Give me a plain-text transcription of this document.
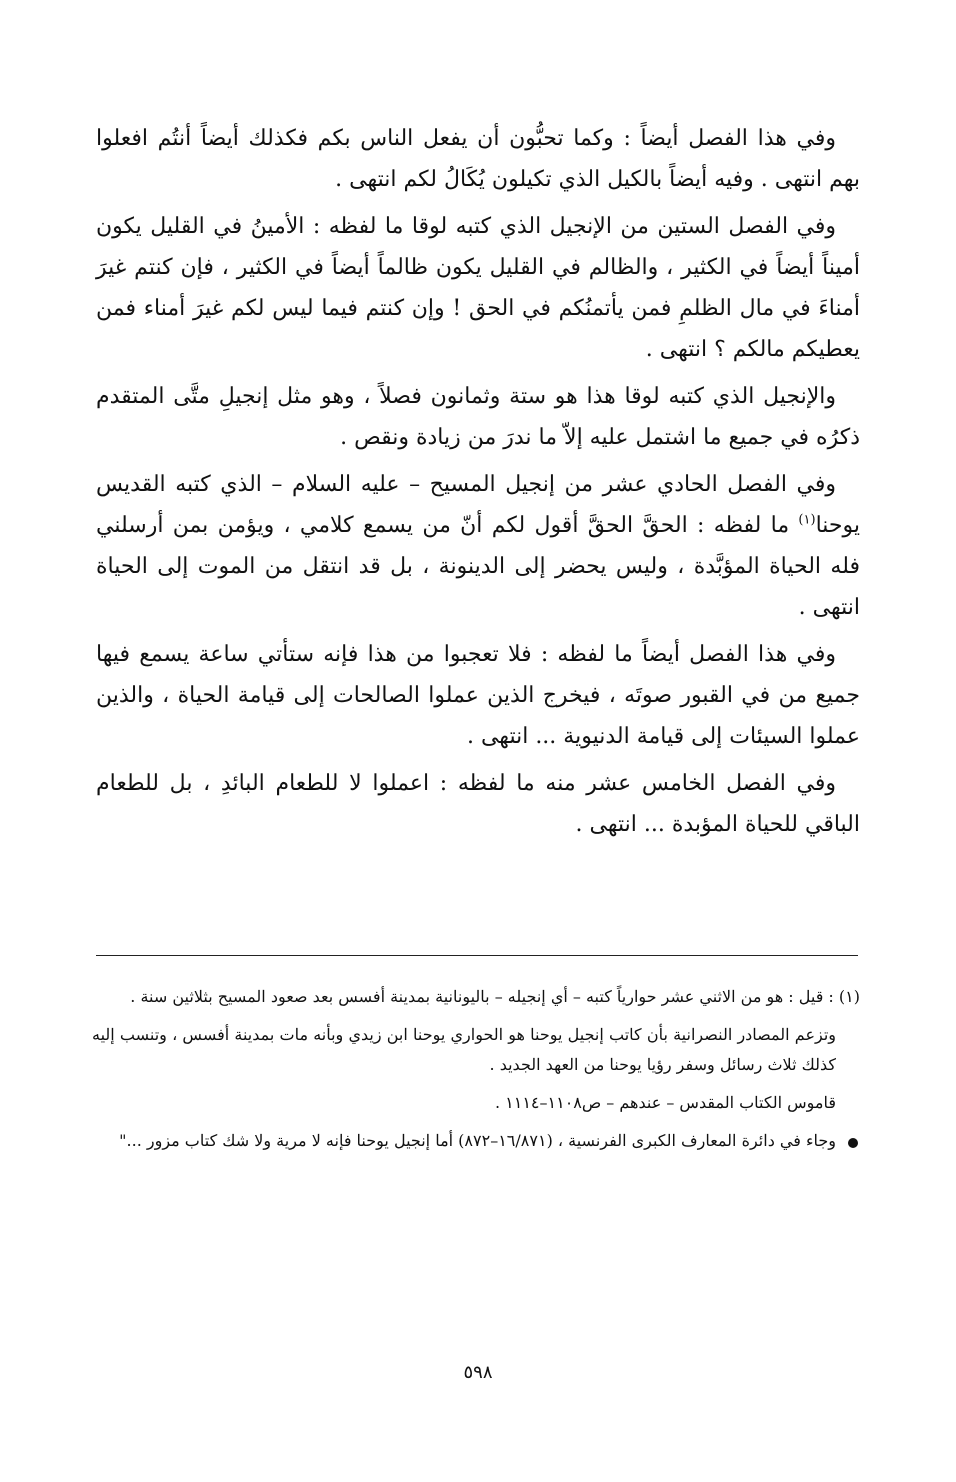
وفي هذا الفصل أيضاً : وكما تحبُّون أن يفعل الناس بكم فكذلك أيضاً أنتُم افعلوا بهم انتهى . وفيه أيضاً بالكيل الذي تكيلون يُكَالُ لكم انتهى .

وفي الفصل الستين من الإنجيل الذي كتبه لوقا ما لفظه : الأمينُ في القليل يكون أميناً أيضاً في الكثير ، والظالم في القليل يكون ظالماً أيضاً في الكثير ، فإن كنتم غيرَ أمناءَ في مال الظلمِ فمن يأتمنُكم في الحق ! وإن كنتم فيما ليس لكم غيرَ أمناء فمن يعطيكم مالكم ؟ انتهى .

والإنجيل الذي كتبه لوقا هذا هو ستة وثمانون فصلاً ، وهو مثل إنجيلِ متَّى المتقدم ذكرُه في جميع ما اشتمل عليه إلاّ ما ندرَ من زيادة ونقص .

وفي الفصل الحادي عشر من إنجيل المسيح – عليه السلام – الذي كتبه القديس يوحنا$^{(١)}$ ما لفظه : الحقَّ الحقَّ أقول لكم أنّ من يسمع كلامي ، ويؤمن بمن أرسلني فله الحياة المؤبَّدة ، وليس يحضر إلى الدينونة ، بل قد انتقل من الموت إلى الحياة انتهى .

وفي هذا الفصل أيضاً ما لفظه : فلا تعجبوا من هذا فإنه ستأتي ساعة يسمع فيها جميع من في القبور صوتَه ، فيخرج الذين عملوا الصالحات إلى قيامة الحياة ، والذين عملوا السيئات إلى قيامة الدنيوية ... انتهى .

وفي الفصل الخامس عشر منه ما لفظه : اعملوا لا للطعام البائدِ ، بل للطعام الباقي للحياة المؤبدة ... انتهى .

(١) : قيل : هو من الاثني عشر حوارياً كتبه – أي إنجيله – باليونانية بمدينة أفسس بعد صعود المسيح بثلاثين سنة .

وتزعم المصادر النصرانية بأن كاتب إنجيل يوحنا هو الحواري يوحنا ابن زيدي وبأنه مات بمدينة أفسس ، وتنسب إليه كذلك ثلاث رسائل وسفر رؤيا يوحنا من العهد الجديد .

قاموس الكتاب المقدس – عندهم – ص١١٠٨–١١١٤ .

وجاء في دائرة المعارف الكبرى الفرنسية ، (١٦/٨٧١–٨٧٢) أما إنجيل يوحنا فإنه لا مرية ولا شك كتاب مزور ..."

٥٩٨
